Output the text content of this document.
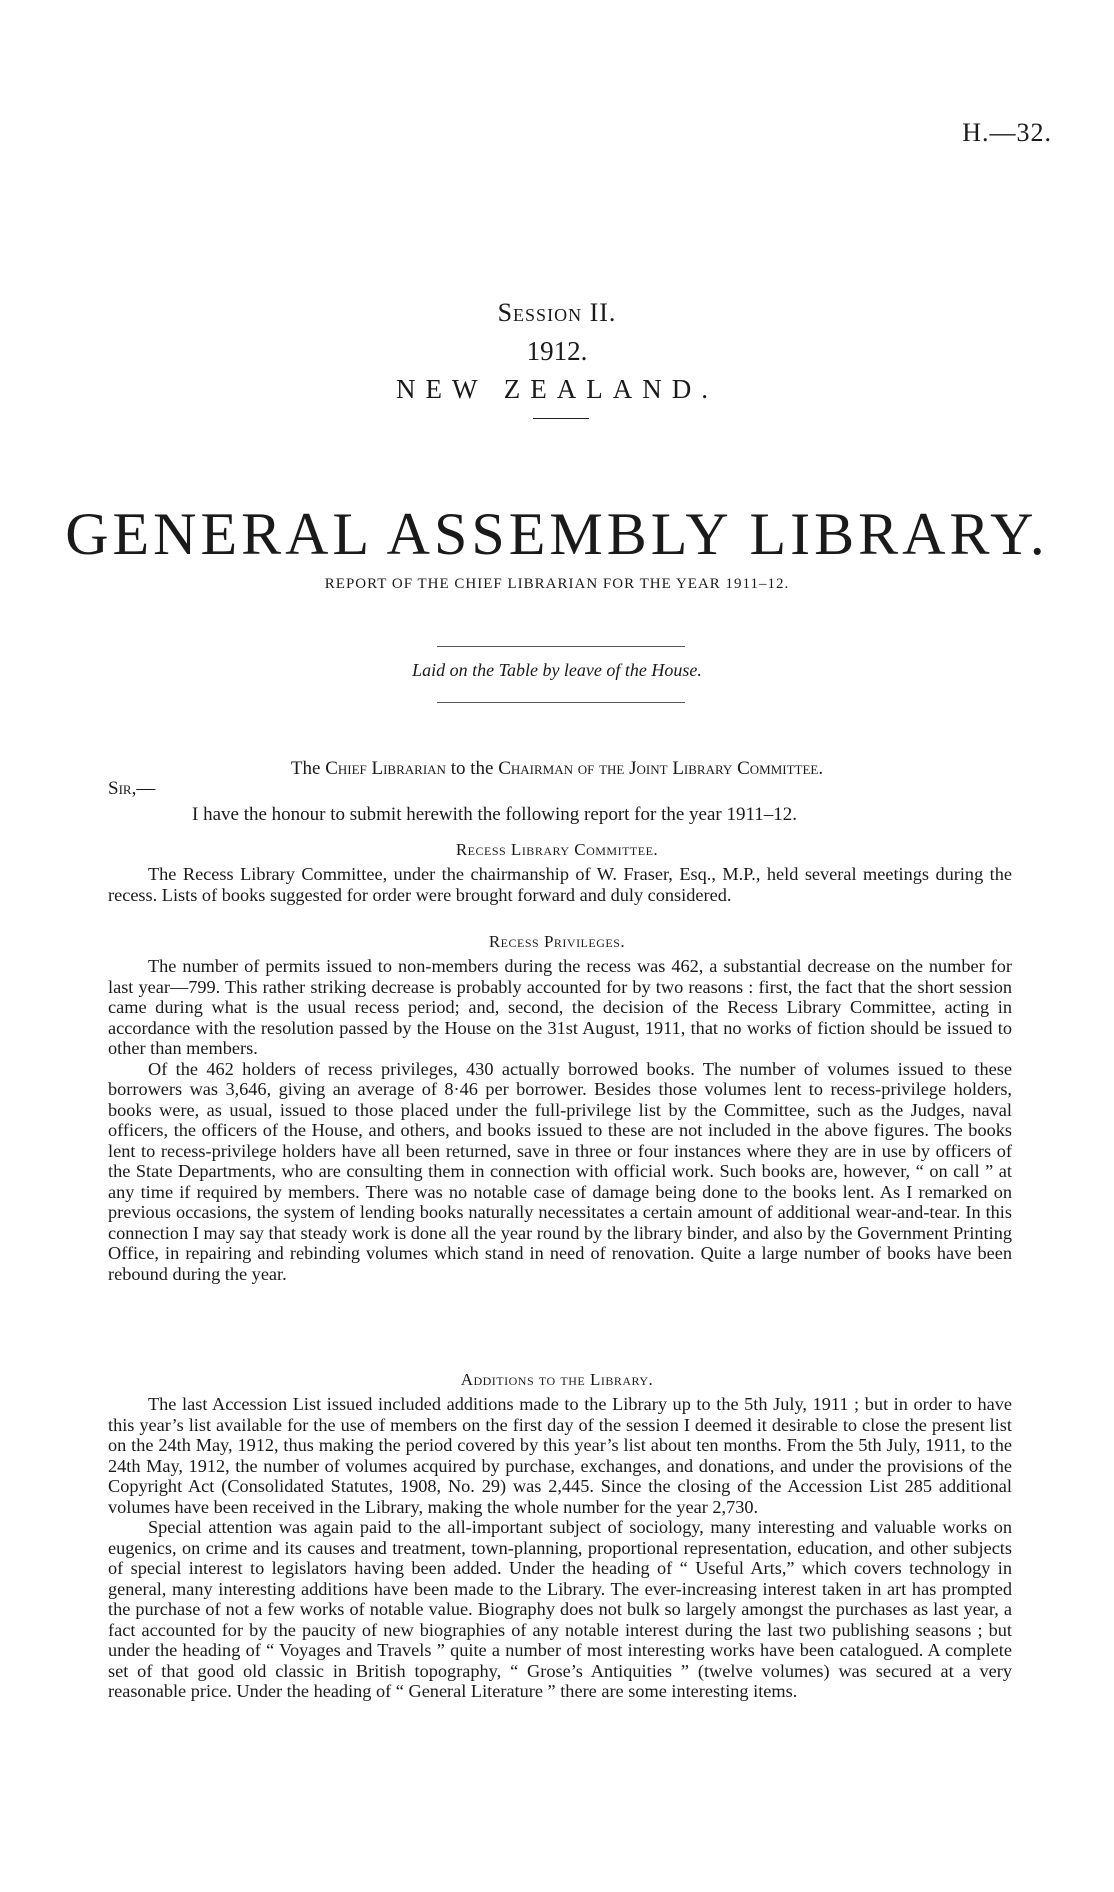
H.—32.
Session II.
1912.
NEW ZEALAND.
GENERAL ASSEMBLY LIBRARY.
REPORT OF THE CHIEF LIBRARIAN FOR THE YEAR 1911–12.
Laid on the Table by leave of the House.
The Chief Librarian to the Chairman of the Joint Library Committee.
Sir,—
I have the honour to submit herewith the following report for the year 1911–12.
Recess Library Committee.

The Recess Library Committee, under the chairmanship of W. Fraser, Esq., M.P., held several meetings during the recess. Lists of books suggested for order were brought forward and duly considered.

Recess Privileges.

The number of permits issued to non-members during the recess was 462, a substantial decrease on the number for last year—799. This rather striking decrease is probably accounted for by two reasons : first, the fact that the short session came during what is the usual recess period; and, second, the decision of the Recess Library Committee, acting in accordance with the resolution passed by the House on the 31st August, 1911, that no works of fiction should be issued to other than members.

Of the 462 holders of recess privileges, 430 actually borrowed books. The number of volumes issued to these borrowers was 3,646, giving an average of 8·46 per borrower. Besides those volumes lent to recess-privilege holders, books were, as usual, issued to those placed under the full-privilege list by the Committee, such as the Judges, naval officers, the officers of the House, and others, and books issued to these are not included in the above figures. The books lent to recess-privilege holders have all been returned, save in three or four instances where they are in use by officers of the State Departments, who are consulting them in connection with official work. Such books are, however, “ on call ” at any time if required by members. There was no notable case of damage being done to the books lent. As I remarked on previous occasions, the system of lending books naturally necessitates a certain amount of additional wear-and-tear. In this connection I may say that steady work is done all the year round by the library binder, and also by the Government Printing Office, in repairing and rebinding volumes which stand in need of renovation. Quite a large number of books have been rebound during the year.

Additions to the Library.

The last Accession List issued included additions made to the Library up to the 5th July, 1911 ; but in order to have this year’s list available for the use of members on the first day of the session I deemed it desirable to close the present list on the 24th May, 1912, thus making the period covered by this year’s list about ten months. From the 5th July, 1911, to the 24th May, 1912, the number of volumes acquired by purchase, exchanges, and donations, and under the provisions of the Copyright Act (Consolidated Statutes, 1908, No. 29) was 2,445. Since the closing of the Accession List 285 additional volumes have been received in the Library, making the whole number for the year 2,730.

Special attention was again paid to the all-important subject of sociology, many interesting and valuable works on eugenics, on crime and its causes and treatment, town-planning, proportional representation, education, and other subjects of special interest to legislators having been added. Under the heading of “ Useful Arts,” which covers technology in general, many interesting additions have been made to the Library. The ever-increasing interest taken in art has prompted the purchase of not a few works of notable value. Biography does not bulk so largely amongst the purchases as last year, a fact accounted for by the paucity of new biographies of any notable interest during the last two publishing seasons ; but under the heading of “ Voyages and Travels ” quite a number of most interesting works have been catalogued. A complete set of that good old classic in British topography, “ Grose’s Antiquities ” (twelve volumes) was secured at a very reasonable price. Under the heading of “ General Literature ” there are some interesting items.
